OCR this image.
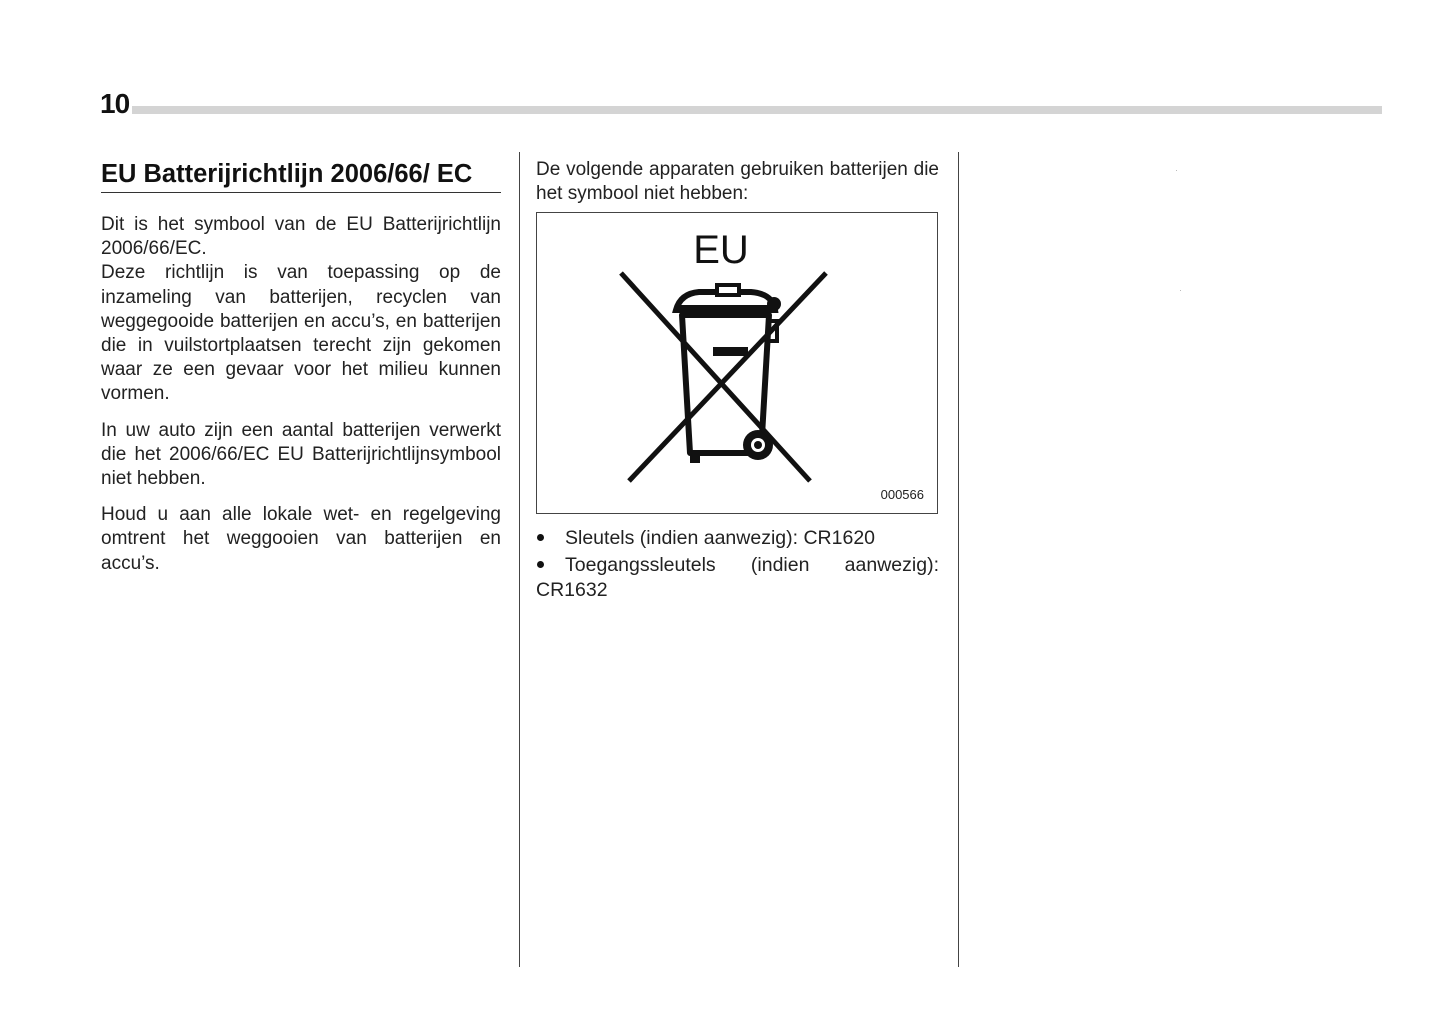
10
EU Batterijrichtlijn 2006/66/ EC

Dit is het symbool van de EU Batterijrichtlijn 2006/66/EC.

Deze richtlijn is van toepassing op de inzameling van batterijen, recyclen van weggegooide batterijen en accu’s, en batterijen die in vuilstortplaatsen terecht zijn gekomen waar ze een gevaar voor het milieu kunnen vormen.

In uw auto zijn een aantal batterijen verwerkt die het 2006/66/EC EU Batterijrichtlijnsymbool niet hebben.

Houd u aan alle lokale wet- en regelgeving omtrent het weggooien van batterijen en accu’s.

De volgende apparaten gebruiken batterijen die het symbool niet hebben:

EU
000566
Sleutels (indien aanwezig): CR1620
Toegangssleutels (indien aanwezig): CR1632
